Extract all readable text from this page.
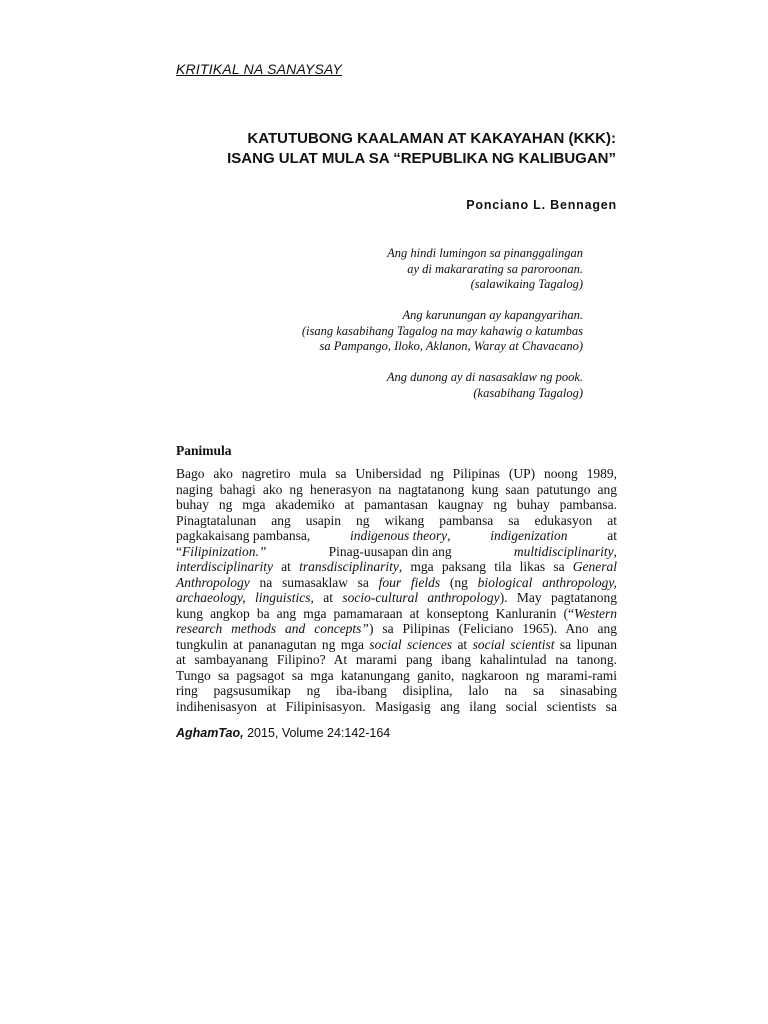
KRITIKAL NA SANAYSAY
KATUTUBONG KAALAMAN AT KAKAYAHAN (KKK):
ISANG ULAT MULA SA “REPUBLIKA NG KALIBUGAN”
Ponciano L. Bennagen

Ang hindi lumingon sa pinanggalingan
ay di makararating sa paroroonan.
(salawikaing Tagalog)

Ang karunungan ay kapangyarihan.
(isang kasabihang Tagalog na may kahawig o katumbas
sa Pampango, Iloko, Aklanon, Waray at Chavacano)

Ang dunong ay di nasasaklaw ng pook.
(kasabihang Tagalog)

Panimula
Bago ako nagretiro mula sa Unibersidad ng Pilipinas (UP) noong 1989,
naging bahagi ako ng henerasyon na nagtatanong kung saan patutungo ang
buhay ng mga akademiko at pamantasan kaugnay ng buhay pambansa.
Pinagtatalunan ang usapin ng wikang pambansa sa edukasyon at
pagkakaisang pambansa,	indigenous theory,	indigenization	at
“Filipinization.”	Pinag-uusapan din ang	multidisciplinarity,
interdisciplinarity at transdisciplinarity, mga paksang tila likas sa General
Anthropology na sumasaklaw sa four fields (ng biological anthropology,
archaeology, linguistics, at socio-cultural anthropology). May pagtatanong
kung angkop ba ang mga pamamaraan at konseptong Kanluranin (“Western
research methods and concepts”) sa Pilipinas (Feliciano 1965). Ano ang
tungkulin at pananagutan ng mga social sciences at social scientist sa lipunan
at sambayanang Filipino? At marami pang ibang kahalintulad na tanong.
Tungo sa pagsagot sa mga katanungang ganito, nagkaroon ng marami-rami
ring pagsusumikap ng iba-ibang disiplina, lalo na sa sinasabing
indihenisasyon at Filipinisasyon. Masigasig ang ilang social scientists sa
AghamTao, 2015, Volume 24:142-164
